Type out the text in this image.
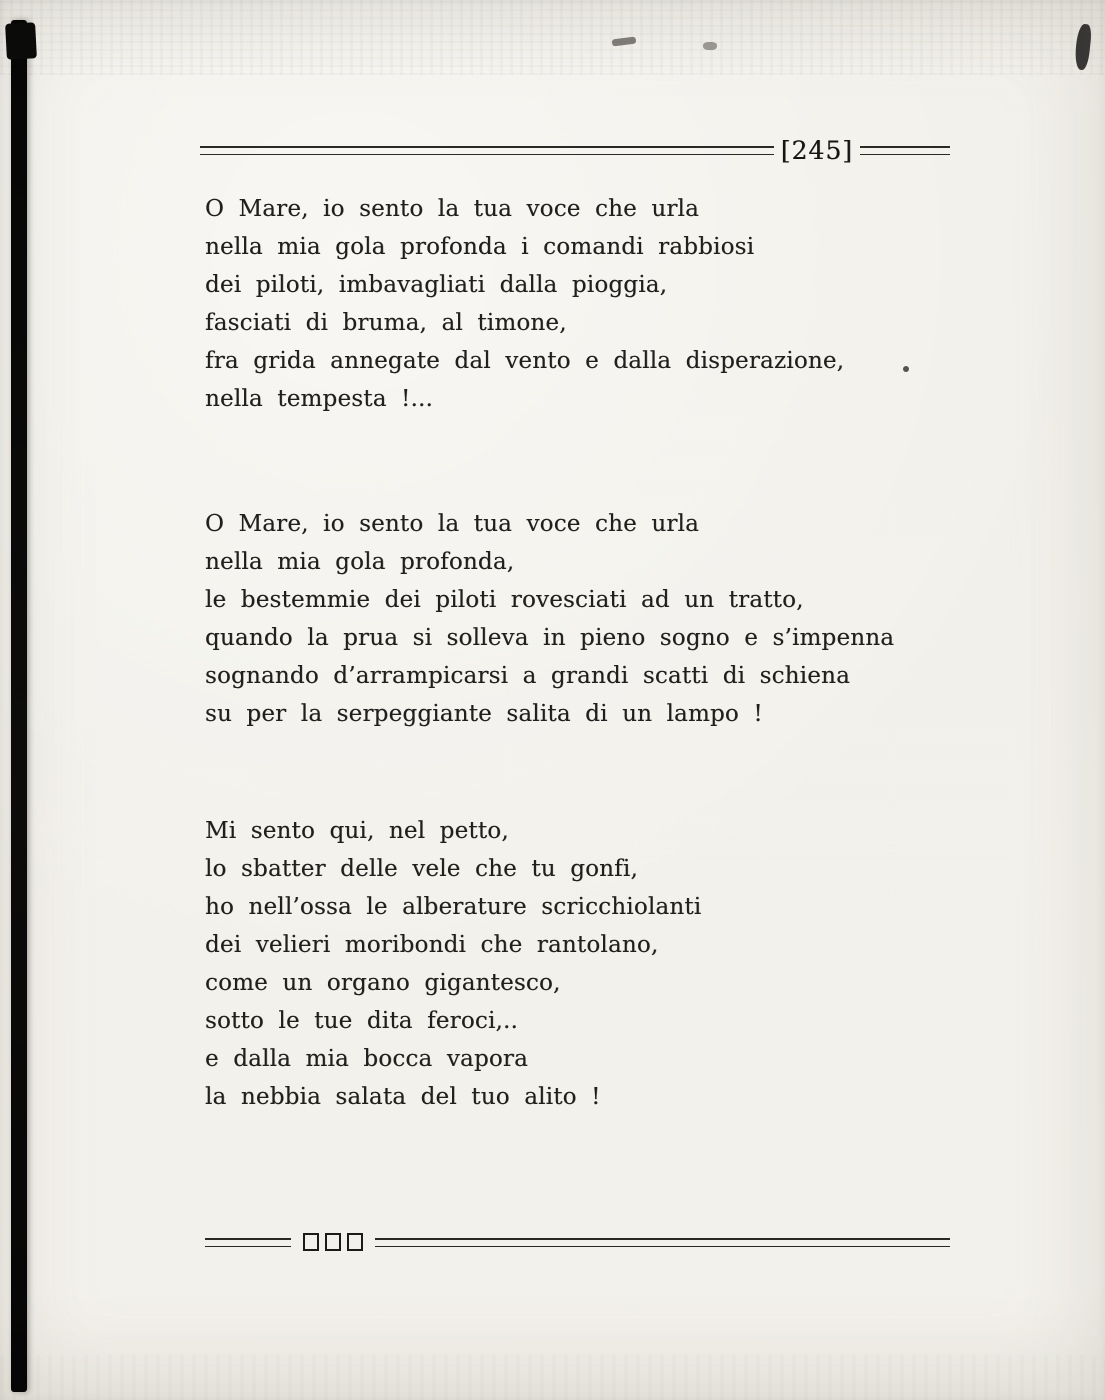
[245]
O Mare, io sento la tua voce che urla
nella mia gola profonda i comandi rabbiosi
dei piloti, imbavagliati dalla pioggia,
fasciati di bruma, al timone,
fra grida annegate dal vento e dalla disperazione,
nella tempesta !...
O Mare, io sento la tua voce che urla
nella mia gola profonda,
le bestemmie dei piloti rovesciati ad un tratto,
quando la prua si solleva in pieno sogno e s’impenna
sognando d’arrampicarsi a grandi scatti di schiena
su per la serpeggiante salita di un lampo !
Mi sento qui, nel petto,
lo sbatter delle vele che tu gonfi,
ho nell’ossa le alberature scricchiolanti
dei velieri moribondi che rantolano,
come un organo gigantesco,
sotto le tue dita feroci,..
e dalla mia bocca vapora
la nebbia salata del tuo alito !
